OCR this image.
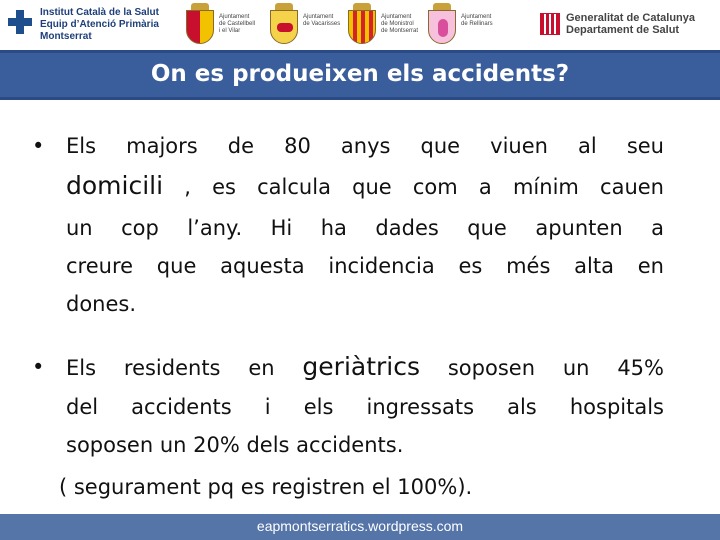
Institut Català de la Salut
Equip d’Atenció Primària
Montserrat
Ajuntament
de Castellbell
i el Vilar
Ajuntament
de Vacarisses
Ajuntament
de Monistrol
de Montserrat
Ajuntament
de Rellinars	Generalitat de Catalunya
Departament de Salut
On es produeixen els accidents?
• Els majors de 80 anys que viuen al seu
domicili , es calcula que com a mínim cauen
un cop l’any. Hi ha dades que apunten a
creure que aquesta incidencia es més alta en
dones.
• Els residents en geriàtrics soposen un 45%
del accidents i els ingressats als hospitals
soposen un 20% dels accidents.
( segurament pq es registren el 100%).
eapmontserratics.wordpress.com
